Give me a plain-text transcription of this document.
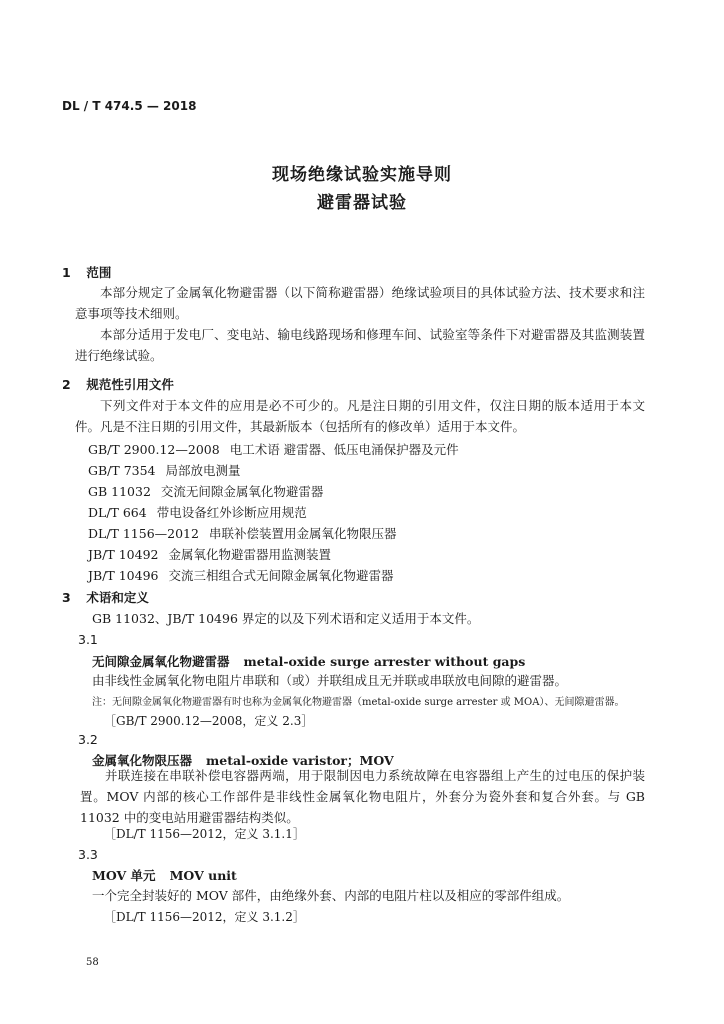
DL / T 474.5 — 2018
现场绝缘试验实施导则
避雷器试验
1 范围
本部分规定了金属氧化物避雷器（以下简称避雷器）绝缘试验项目的具体试验方法、技术要求和注意事项等技术细则。
本部分适用于发电厂、变电站、输电线路现场和修理车间、试验室等条件下对避雷器及其监测装置进行绝缘试验。
2 规范性引用文件
下列文件对于本文件的应用是必不可少的。凡是注日期的引用文件，仅注日期的版本适用于本文件。凡是不注日期的引用文件，其最新版本（包括所有的修改单）适用于本文件。
GB/T 2900.12—2008 电工术语 避雷器、低压电涌保护器及元件
GB/T 7354 局部放电测量
GB 11032 交流无间隙金属氧化物避雷器
DL/T 664 带电设备红外诊断应用规范
DL/T 1156—2012 串联补偿装置用金属氧化物限压器
JB/T 10492 金属氧化物避雷器用监测装置
JB/T 10496 交流三相组合式无间隙金属氧化物避雷器
3 术语和定义
GB 11032、JB/T 10496 界定的以及下列术语和定义适用于本文件。
3.1
无间隙金属氧化物避雷器 metal-oxide surge arrester without gaps
由非线性金属氧化物电阻片串联和（或）并联组成且无并联或串联放电间隙的避雷器。
注：无间隙金属氧化物避雷器有时也称为金属氧化物避雷器（metal-oxide surge arrester 或 MOA）、无间隙避雷器。
［GB/T 2900.12—2008，定义 2.3］
3.2
金属氧化物限压器 metal-oxide varistor；MOV
并联连接在串联补偿电容器两端，用于限制因电力系统故障在电容器组上产生的过电压的保护装置。MOV 内部的核心工作部件是非线性金属氧化物电阻片，外套分为瓷外套和复合外套。与 GB 11032 中的变电站用避雷器结构类似。
［DL/T 1156—2012，定义 3.1.1］
3.3
MOV 单元 MOV unit
一个完全封装好的 MOV 部件，由绝缘外套、内部的电阻片柱以及相应的零部件组成。
［DL/T 1156—2012，定义 3.1.2］
58
